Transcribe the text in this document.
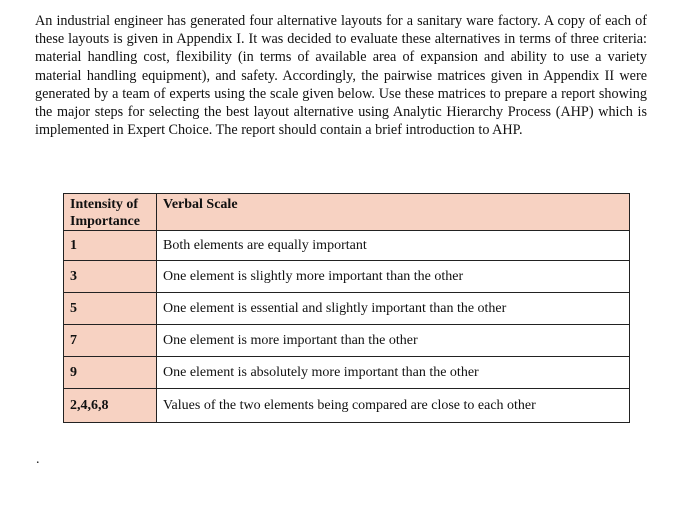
An industrial engineer has generated four alternative layouts for a sanitary ware factory. A copy of each of these layouts is given in Appendix I. It was decided to evaluate these alternatives in terms of three criteria: material handling cost, flexibility (in terms of available area of expansion and ability to use a variety material handling equipment), and safety. Accordingly, the pairwise matrices given in Appendix II were generated by a team of experts using the scale given below. Use these matrices to prepare a report showing the major steps for selecting the best layout alternative using Analytic Hierarchy Process (AHP) which is implemented in Expert Choice. The report should contain a brief introduction to AHP.

Intensity of Importance	Verbal Scale
1	Both elements are equally important
3	One element is slightly more important than the other
5	One element is essential and slightly important than the other
7	One element is more important than the other
9	One element is absolutely more important than the other
2,4,6,8	Values of the two elements being compared are close to each other
.
